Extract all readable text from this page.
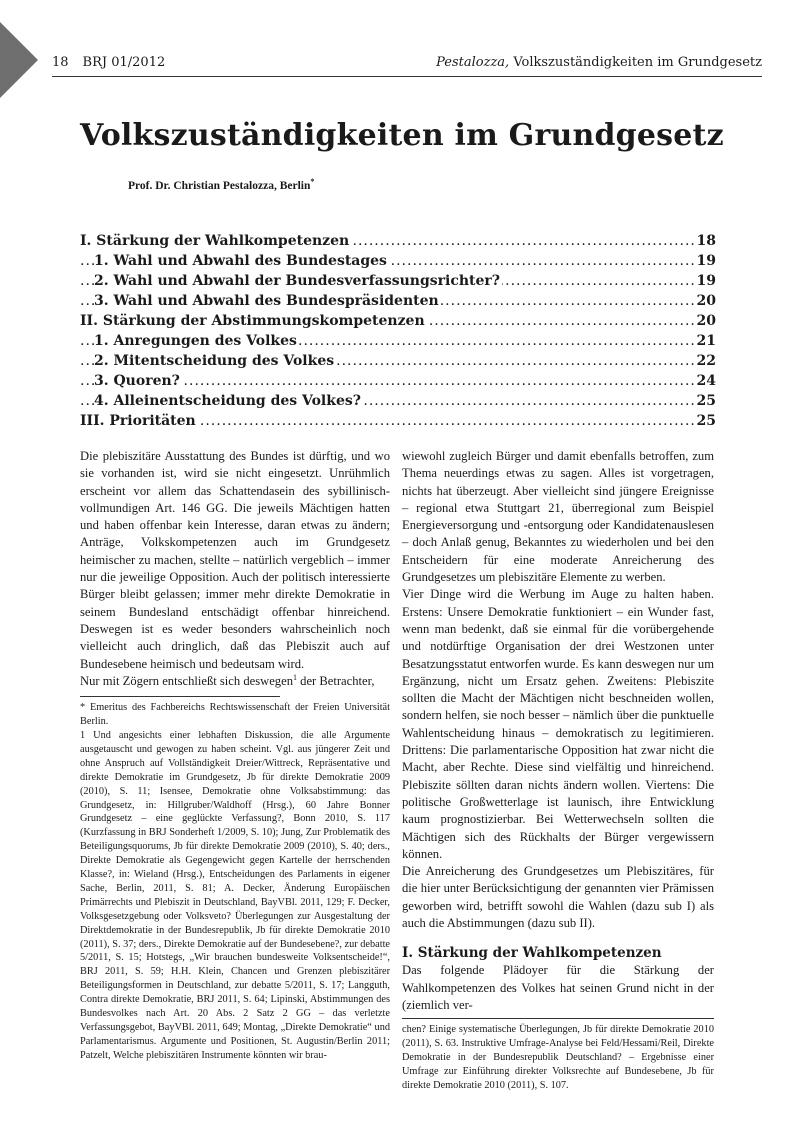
18 BRJ 01/2012	Pestalozza, Volkszuständigkeiten im Grundgesetz
Volkszuständigkeiten im Grundgesetz
Prof. Dr. Christian Pestalozza, Berlin*
..... I. Stärkung der Wahlkompetenzen	18
..... 1. Wahl und Abwahl des Bundestages	19
..... 2. Wahl und Abwahl der Bundesverfassungsrichter?	19
..... 3. Wahl und Abwahl des Bundespräsidenten	20
..... II. Stärkung der Abstimmungskompetenzen	20
..... 1. Anregungen des Volkes	21
..... 2. Mitentscheidung des Volkes	22
..... 3. Quoren?	24
..... 4. Alleinentscheidung des Volkes?	25
..... III. Prioritäten	25

Die plebiszitäre Ausstattung des Bundes ist dürftig, und wo sie vorhanden ist, wird sie nicht eingesetzt. Unrühmlich erscheint vor allem das Schattendasein des sybillinisch-vollmundigen Art. 146 GG. Die jeweils Mächtigen hatten und haben offenbar kein Interesse, daran etwas zu ändern; Anträge, Volkskompetenzen auch im Grundgesetz heimischer zu machen, stellte – natürlich vergeblich – immer nur die jeweilige Opposition. Auch der politisch interessierte Bürger bleibt gelassen; immer mehr direkte Demokratie in seinem Bundesland entschädigt offenbar hinreichend. Deswegen ist es weder besonders wahrscheinlich noch vielleicht auch dringlich, daß das Plebiszit auch auf Bundesebene heimisch und bedeutsam wird.

Nur mit Zögern entschließt sich deswegen$^1$ der Betrachter,

* Emeritus des Fachbereichs Rechtswissenschaft der Freien Universität Berlin.

1 Und angesichts einer lebhaften Diskussion, die alle Argumente ausgetauscht und gewogen zu haben scheint. Vgl. aus jüngerer Zeit und ohne Anspruch auf Vollständigkeit Dreier/Wittreck, Repräsentative und direkte Demokratie im Grundgesetz, Jb für direkte Demokratie 2009 (2010), S. 11; Isensee, Demokratie ohne Volksabstimmung: das Grundgesetz, in: Hillgruber/Waldhoff (Hrsg.), 60 Jahre Bonner Grundgesetz – eine geglückte Verfassung?, Bonn 2010, S. 117 (Kurzfassung in BRJ Sonderheft 1/2009, S. 10); Jung, Zur Problematik des Beteiligungsquorums, Jb für direkte Demokratie 2009 (2010), S. 40; ders., Direkte Demokratie als Gegengewicht gegen Kartelle der herrschenden Klasse?, in: Wieland (Hrsg.), Entscheidungen des Parlaments in eigener Sache, Berlin, 2011, S. 81; A. Decker, Änderung Europäischen Primärrechts und Plebiszit in Deutschland, BayVBl. 2011, 129; F. Decker, Volksgesetzgebung oder Volksveto? Überlegungen zur Ausgestaltung der Direktdemokratie in der Bundesrepublik, Jb für direkte Demokratie 2010 (2011), S. 37; ders., Direkte Demokratie auf der Bundesebene?, zur debatte 5/2011, S. 15; Hotstegs, „Wir brauchen bundesweite Volksentscheide!“, BRJ 2011, S. 59; H.H. Klein, Chancen und Grenzen plebiszitärer Beteiligungsformen in Deutschland, zur debatte 5/2011, S. 17; Langguth, Contra direkte Demokratie, BRJ 2011, S. 64; Lipinski, Abstimmungen des Bundesvolkes nach Art. 20 Abs. 2 Satz 2 GG – das verletzte Verfassungsgebot, BayVBl. 2011, 649; Montag, „Direkte Demokratie“ und Parlamentarismus. Argumente und Positionen, St. Augustin/Berlin 2011; Patzelt, Welche plebiszitären Instrumente könnten wir brau-

wiewohl zugleich Bürger und damit ebenfalls betroffen, zum Thema neuerdings etwas zu sagen. Alles ist vorgetragen, nichts hat überzeugt. Aber vielleicht sind jüngere Ereignisse – regional etwa Stuttgart 21, überregional zum Beispiel Energieversorgung und -entsorgung oder Kandidatenauslesen – doch Anlaß genug, Bekanntes zu wiederholen und bei den Entscheidern für eine moderate Anreicherung des Grundgesetzes um plebiszitäre Elemente zu werben.

Vier Dinge wird die Werbung im Auge zu halten haben. Erstens: Unsere Demokratie funktioniert – ein Wunder fast, wenn man bedenkt, daß sie einmal für die vorübergehende und notdürftige Organisation der drei Westzonen unter Besatzungsstatut entworfen wurde. Es kann deswegen nur um Ergänzung, nicht um Ersatz gehen. Zweitens: Plebiszite sollten die Macht der Mächtigen nicht beschneiden wollen, sondern helfen, sie noch besser – nämlich über die punktuelle Wahlentscheidung hinaus – demokratisch zu legitimieren. Drittens: Die parlamentarische Opposition hat zwar nicht die Macht, aber Rechte. Diese sind vielfältig und hinreichend. Plebiszite söllten daran nichts ändern wollen. Viertens: Die politische Großwetterlage ist launisch, ihre Entwicklung kaum prognostizierbar. Bei Wetterwechseln sollten die Mächtigen sich des Rückhalts der Bürger vergewissern können.

Die Anreicherung des Grundgesetzes um Plebiszitäres, für die hier unter Berücksichtigung der genannten vier Prämissen geworben wird, betrifft sowohl die Wahlen (dazu sub I) als auch die Abstimmungen (dazu sub II).

I. Stärkung der Wahlkompetenzen

Das folgende Plädoyer für die Stärkung der Wahlkompetenzen des Volkes hat seinen Grund nicht in der (ziemlich ver-

chen? Einige systematische Überlegungen, Jb für direkte Demokratie 2010 (2011), S. 63. Instruktive Umfrage-Analyse bei Feld/Hessami/Reil, Direkte Demokratie in der Bundesrepublik Deutschland? – Ergebnisse einer Umfrage zur Einführung direkter Volksrechte auf Bundesebene, Jb für direkte Demokratie 2010 (2011), S. 107.
